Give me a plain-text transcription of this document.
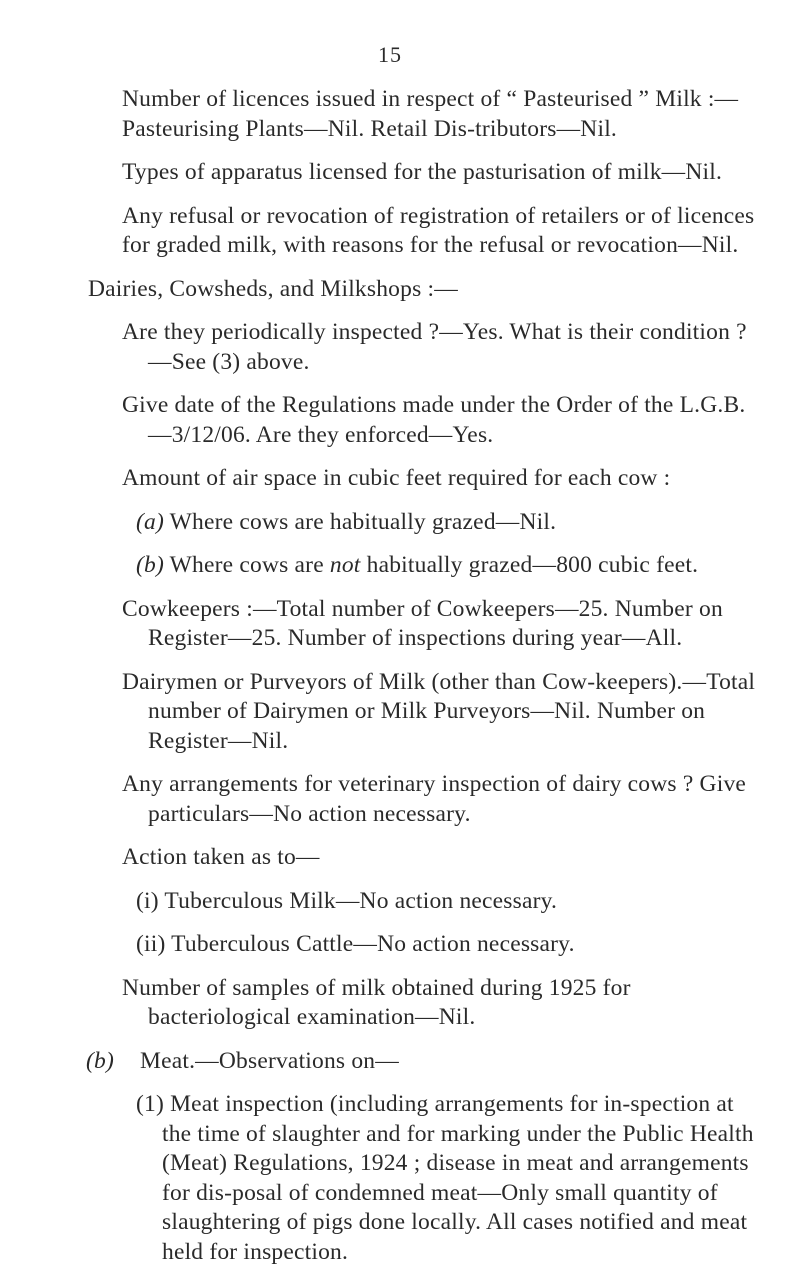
15

Number of licences issued in respect of “ Pasteurised ” Milk :—Pasteurising Plants—Nil. Retail Dis-tributors—Nil.

Types of apparatus licensed for the pasturisation of milk—Nil.

Any refusal or revocation of registration of retailers or of licences for graded milk, with reasons for the refusal or revocation—Nil.

Dairies, Cowsheds, and Milkshops :—

Are they periodically inspected ?—Yes. What is their condition ?—See (3) above.

Give date of the Regulations made under the Order of the L.G.B.—3/12/06. Are they enforced—Yes.

Amount of air space in cubic feet required for each cow :

(a) Where cows are habitually grazed—Nil.

(b) Where cows are not habitually grazed—800 cubic feet.

Cowkeepers :—Total number of Cowkeepers—25. Number on Register—25. Number of inspections during year—All.

Dairymen or Purveyors of Milk (other than Cow-keepers).—Total number of Dairymen or Milk Purveyors—Nil. Number on Register—Nil.

Any arrangements for veterinary inspection of dairy cows ? Give particulars—No action necessary.

Action taken as to—

(i) Tuberculous Milk—No action necessary.

(ii) Tuberculous Cattle—No action necessary.

Number of samples of milk obtained during 1925 for bacteriological examination—Nil.

(b) Meat.—Observations on—

(1) Meat inspection (including arrangements for in-spection at the time of slaughter and for marking under the Public Health (Meat) Regulations, 1924 ; disease in meat and arrangements for dis-posal of condemned meat—Only small quantity of slaughtering of pigs done locally. All cases notified and meat held for inspection.
